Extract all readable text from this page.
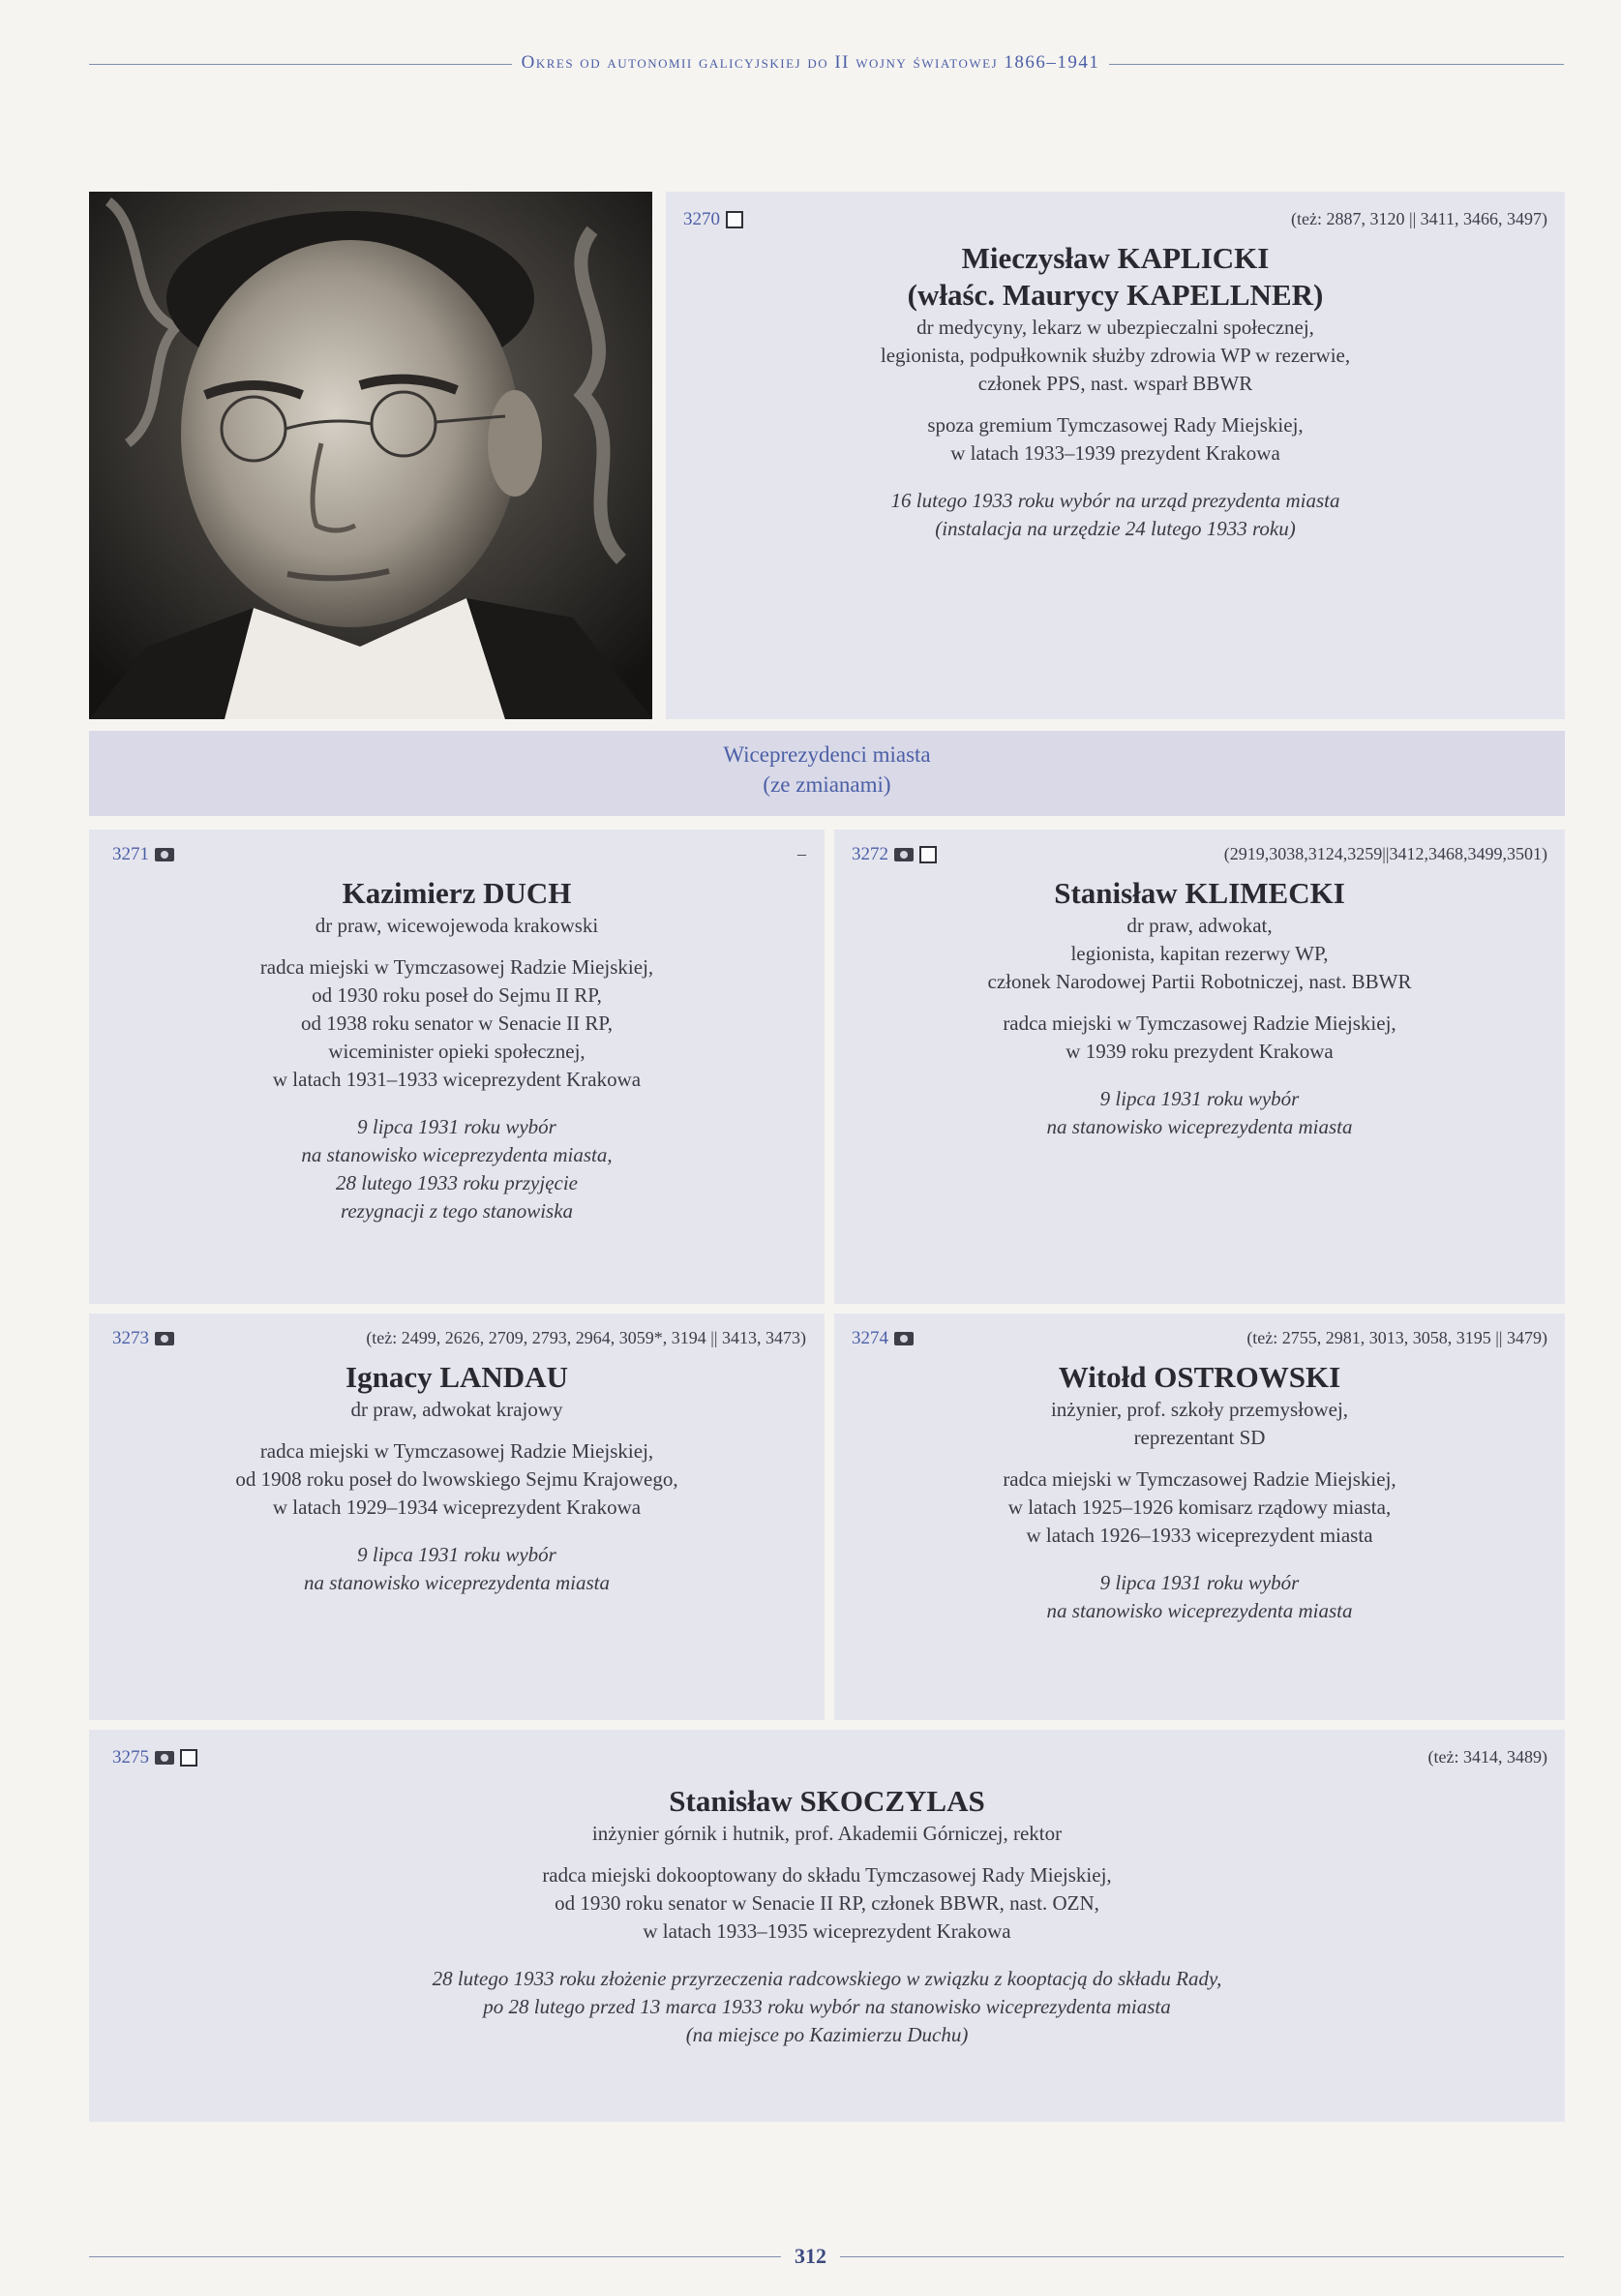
Okres od autonomii galicyjskiej do II wojny światowej 1866–1941
3270	(też: 2887, 3120 || 3411, 3466, 3497)
Mieczysław KAPLICKI
(właśc. Maurycy KAPELLNER)
dr medycyny, lekarz w ubezpieczalni społecznej,
legionista, podpułkownik służby zdrowia WP w rezerwie,
członek PPS, nast. wsparł BBWR
spoza gremium Tymczasowej Rady Miejskiej,
w latach 1933–1939 prezydent Krakowa
16 lutego 1933 roku wybór na urząd prezydenta miasta
(instalacja na urzędzie 24 lutego 1933 roku)
Wiceprezydenci miasta
(ze zmianami)
3271	–
Kazimierz DUCH
dr praw, wicewojewoda krakowski
radca miejski w Tymczasowej Radzie Miejskiej,
od 1930 roku poseł do Sejmu II RP,
od 1938 roku senator w Senacie II RP,
wiceminister opieki społecznej,
w latach 1931–1933 wiceprezydent Krakowa
9 lipca 1931 roku wybór
na stanowisko wiceprezydenta miasta,
28 lutego 1933 roku przyjęcie
rezygnacji z tego stanowiska
3272	(2919,3038,3124,3259||3412,3468,3499,3501)
Stanisław KLIMECKI
dr praw, adwokat,
legionista, kapitan rezerwy WP,
członek Narodowej Partii Robotniczej, nast. BBWR
radca miejski w Tymczasowej Radzie Miejskiej,
w 1939 roku prezydent Krakowa
9 lipca 1931 roku wybór
na stanowisko wiceprezydenta miasta
3273	(też: 2499, 2626, 2709, 2793, 2964, 3059*, 3194 || 3413, 3473)
Ignacy LANDAU
dr praw, adwokat krajowy
radca miejski w Tymczasowej Radzie Miejskiej,
od 1908 roku poseł do lwowskiego Sejmu Krajowego,
w latach 1929–1934 wiceprezydent Krakowa
9 lipca 1931 roku wybór
na stanowisko wiceprezydenta miasta
3274	(też: 2755, 2981, 3013, 3058, 3195 || 3479)
Witołd OSTROWSKI
inżynier, prof. szkoły przemysłowej,
reprezentant SD
radca miejski w Tymczasowej Radzie Miejskiej,
w latach 1925–1926 komisarz rządowy miasta,
w latach 1926–1933 wiceprezydent miasta
9 lipca 1931 roku wybór
na stanowisko wiceprezydenta miasta
3275	(też: 3414, 3489)
Stanisław SKOCZYLAS
inżynier górnik i hutnik, prof. Akademii Górniczej, rektor
radca miejski dokooptowany do składu Tymczasowej Rady Miejskiej,
od 1930 roku senator w Senacie II RP, członek BBWR, nast. OZN,
w latach 1933–1935 wiceprezydent Krakowa
28 lutego 1933 roku złożenie przyrzeczenia radcowskiego w związku z kooptacją do składu Rady,
po 28 lutego przed 13 marca 1933 roku wybór na stanowisko wiceprezydenta miasta
(na miejsce po Kazimierzu Duchu)
312
